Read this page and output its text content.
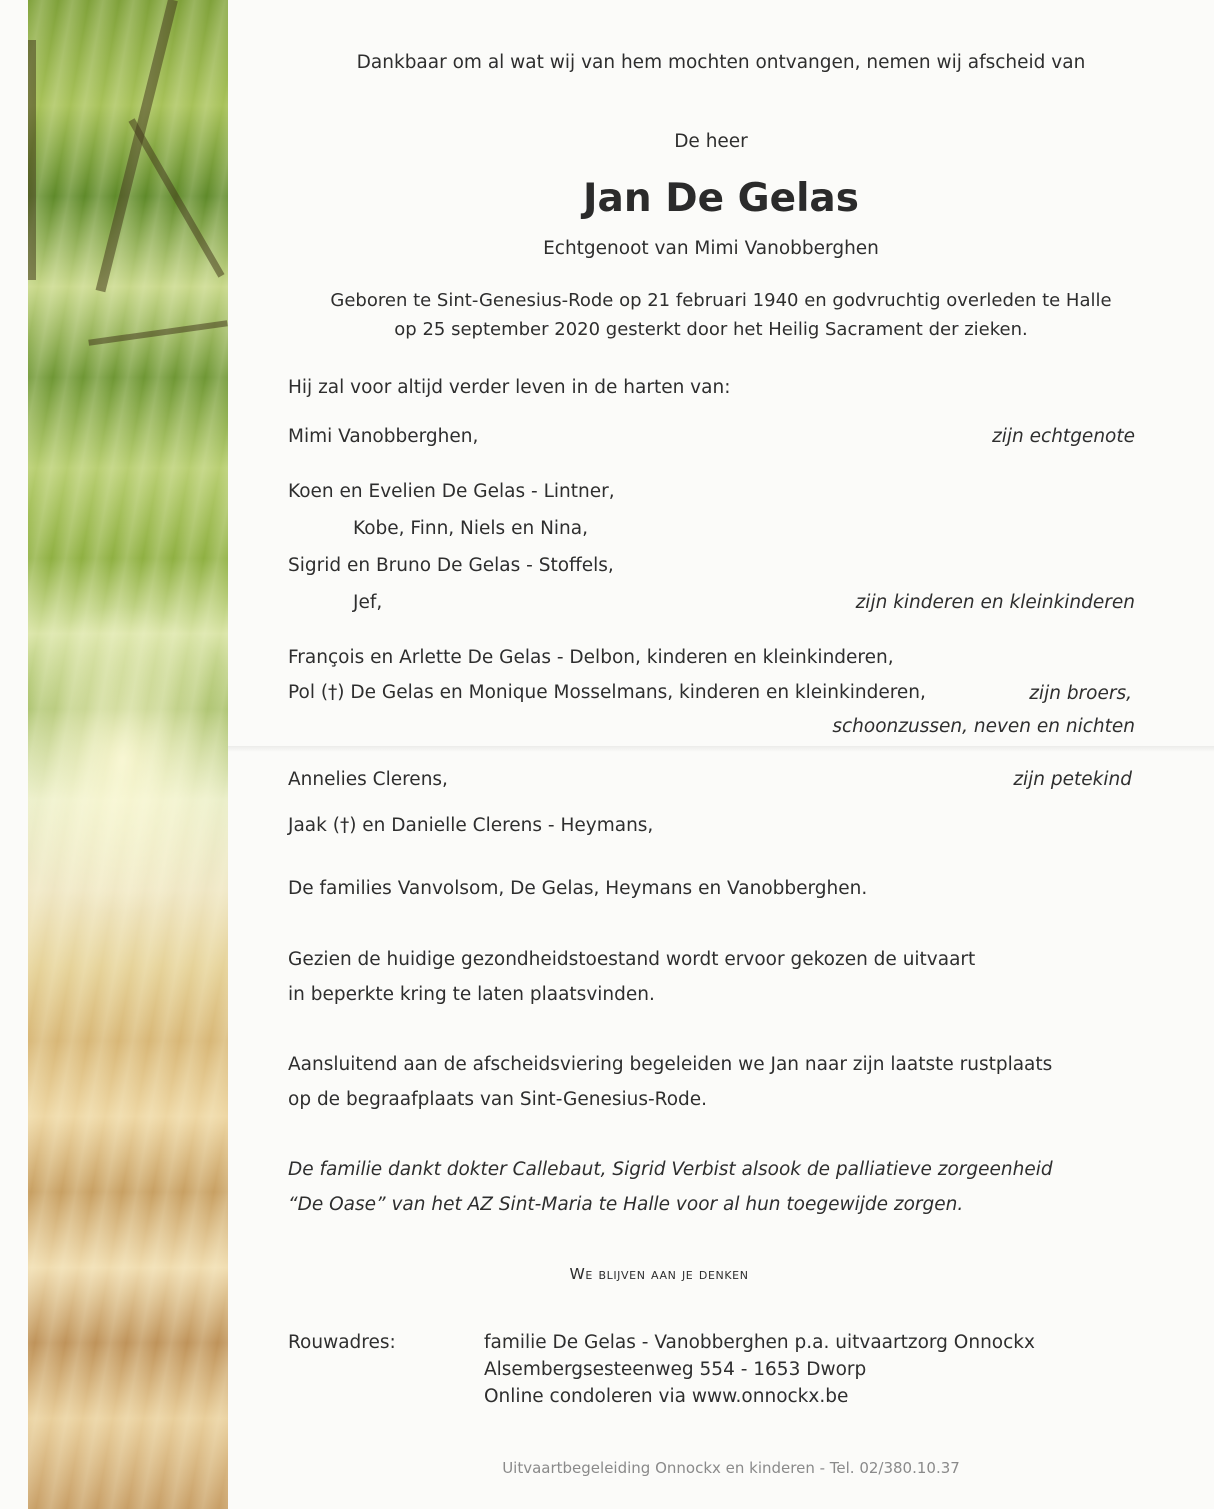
Dankbaar om al wat wij van hem mochten ontvangen, nemen wij afscheid van
De heer
Jan De Gelas
Echtgenoot van Mimi Vanobberghen
Geboren te Sint-Genesius-Rode op 21 februari 1940 en godvruchtig overleden te Halle
op 25 september 2020 gesterkt door het Heilig Sacrament der zieken.
Hij zal voor altijd verder leven in de harten van:
Mimi Vanobberghen,	zijn echtgenote
Koen en Evelien De Gelas - Lintner,
Kobe, Finn, Niels en Nina,
Sigrid en Bruno De Gelas - Stoffels,
Jef,	zijn kinderen en kleinkinderen
François en Arlette De Gelas - Delbon, kinderen en kleinkinderen,
Pol (†) De Gelas en Monique Mosselmans, kinderen en kleinkinderen,	zijn broers,
schoonzussen, neven en nichten
Annelies Clerens,	zijn petekind
Jaak (†) en Danielle Clerens - Heymans,
De families Vanvolsom, De Gelas, Heymans en Vanobberghen.
Gezien de huidige gezondheidstoestand wordt ervoor gekozen de uitvaart
in beperkte kring te laten plaatsvinden.
Aansluitend aan de afscheidsviering begeleiden we Jan naar zijn laatste rustplaats
op de begraafplaats van Sint-Genesius-Rode.
De familie dankt dokter Callebaut, Sigrid Verbist alsook de palliatieve zorgeenheid
“De Oase” van het AZ Sint-Maria te Halle voor al hun toegewijde zorgen.
We blijven aan je denken
Rouwadres:	familie De Gelas - Vanobberghen p.a. uitvaartzorg Onnockx
Alsembergsesteenweg 554 - 1653 Dworp
Online condoleren via www.onnockx.be
Uitvaartbegeleiding Onnockx en kinderen - Tel. 02/380.10.37
